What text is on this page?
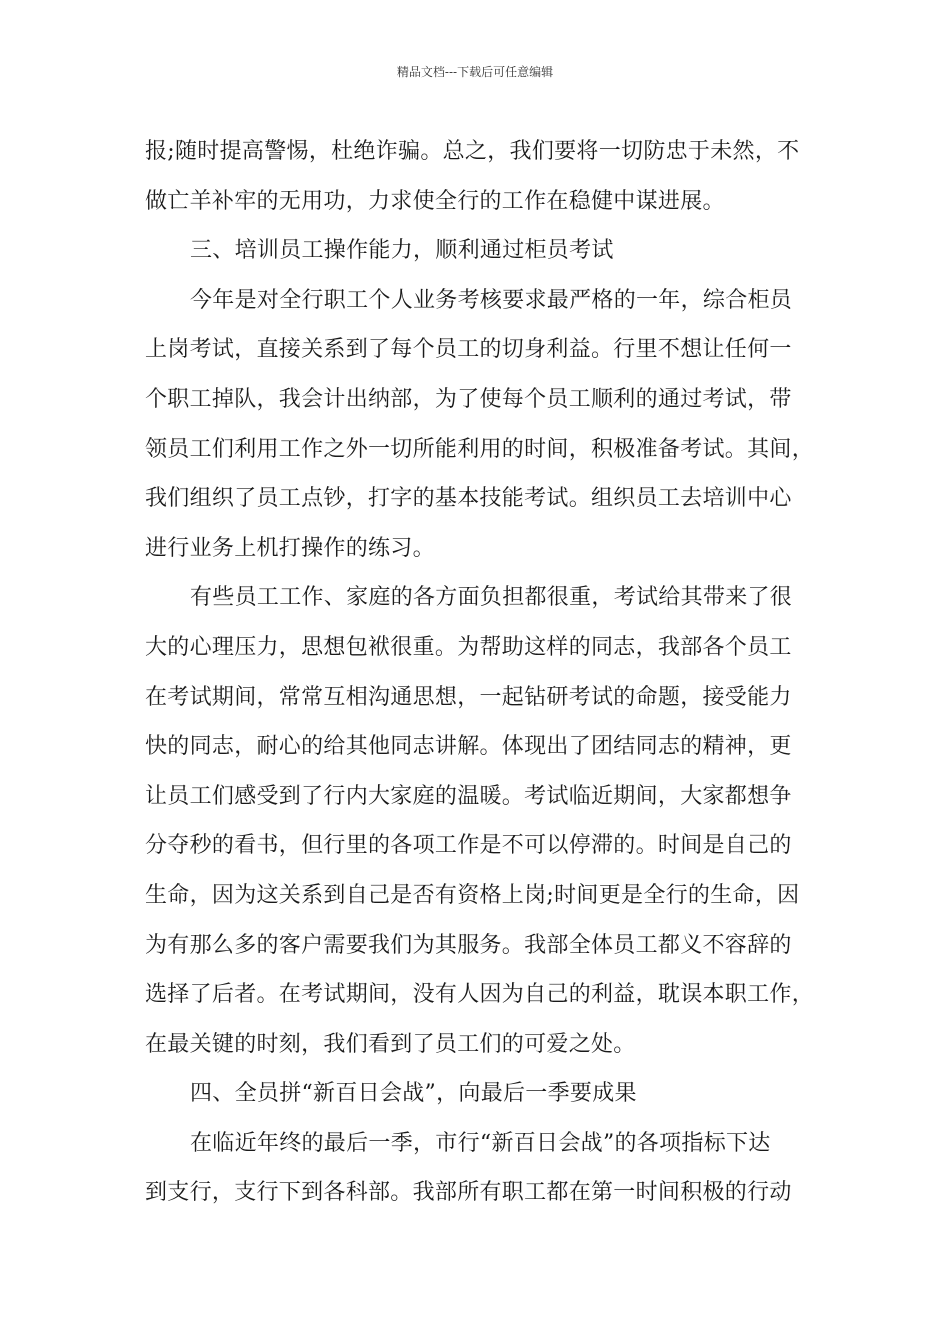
精品文档---下载后可任意编辑
报;随时提高警惕，杜绝诈骗。总之，我们要将一切防忠于未然，不
做亡羊补牢的无用功，力求使全行的工作在稳健中谋进展。
三、培训员工操作能力，顺利通过柜员考试
今年是对全行职工个人业务考核要求最严格的一年，综合柜员
上岗考试，直接关系到了每个员工的切身利益。行里不想让任何一
个职工掉队，我会计出纳部，为了使每个员工顺利的通过考试，带
领员工们利用工作之外一切所能利用的时间，积极准备考试。其间，
我们组织了员工点钞，打字的基本技能考试。组织员工去培训中心
进行业务上机打操作的练习。
有些员工工作、家庭的各方面负担都很重，考试给其带来了很
大的心理压力，思想包袱很重。为帮助这样的同志，我部各个员工
在考试期间，常常互相沟通思想，一起钻研考试的命题，接受能力
快的同志，耐心的给其他同志讲解。体现出了团结同志的精神，更
让员工们感受到了行内大家庭的温暖。考试临近期间，大家都想争
分夺秒的看书，但行里的各项工作是不可以停滞的。时间是自己的
生命，因为这关系到自己是否有资格上岗;时间更是全行的生命，因
为有那么多的客户需要我们为其服务。我部全体员工都义不容辞的
选择了后者。在考试期间，没有人因为自己的利益，耽误本职工作，
在最关键的时刻，我们看到了员工们的可爱之处。
四、全员拼“新百日会战”，向最后一季要成果
在临近年终的最后一季，市行“新百日会战”的各项指标下达
到支行，支行下到各科部。我部所有职工都在第一时间积极的行动
